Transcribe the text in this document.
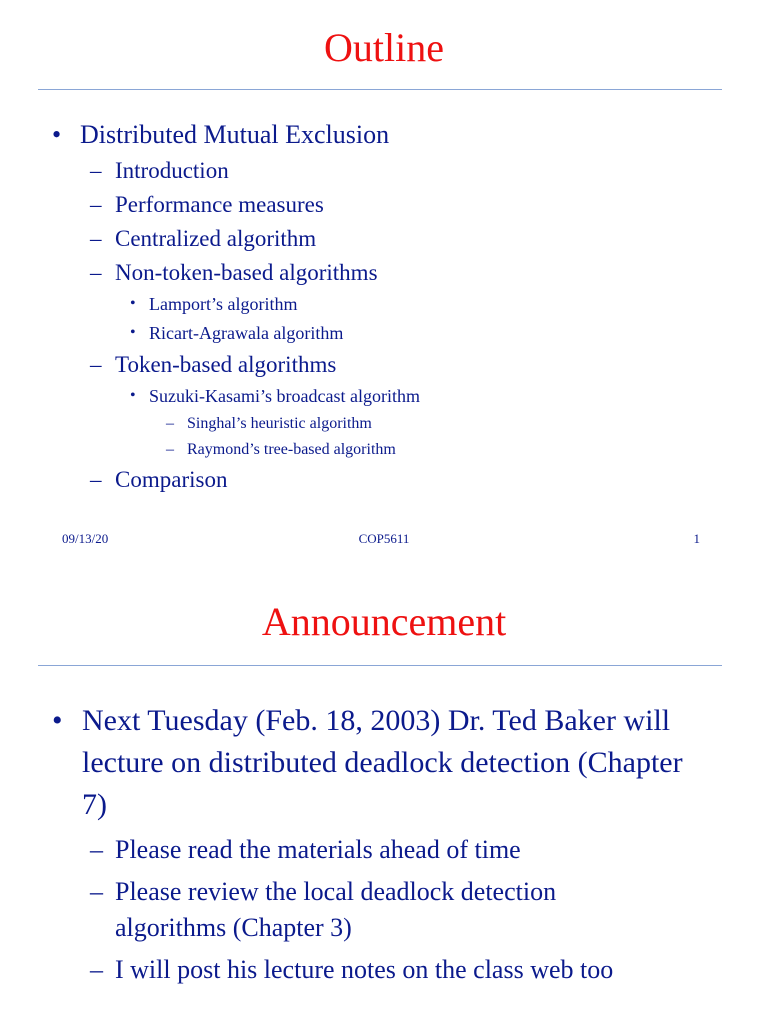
Outline
• Distributed Mutual Exclusion
– Introduction
– Performance measures
– Centralized algorithm
– Non-token-based algorithms
• Lamport’s algorithm
• Ricart-Agrawala algorithm
– Token-based algorithms
• Suzuki-Kasami’s broadcast algorithm
– Singhal’s heuristic algorithm
– Raymond’s tree-based algorithm
– Comparison
COP5611
09/13/20	1
Announcement
• Next Tuesday (Feb. 18, 2003) Dr. Ted Baker will lecture on distributed deadlock detection (Chapter 7)
– Please read the materials ahead of time
– Please review the local deadlock detection algorithms (Chapter 3)
– I will post his lecture notes on the class web too
